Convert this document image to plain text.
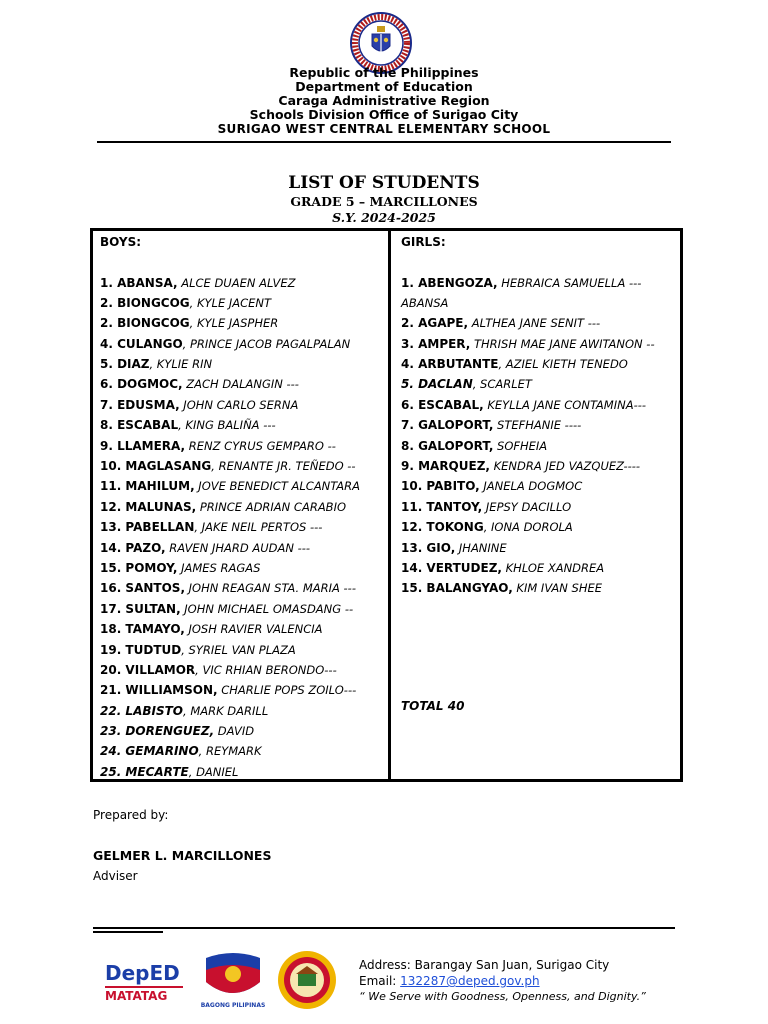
Republic of the Philippines
Department of Education
Caraga Administrative Region
Schools Division Office of Surigao City
SURIGAO WEST CENTRAL ELEMENTARY SCHOOL
LIST OF STUDENTS
GRADE 5 – MARCILLONES
S.Y. 2024-2025
BOYS:
1. ABANSA, ALCE DUAEN ALVEZ
2. BIONGCOG, KYLE JACENT
2. BIONGCOG, KYLE JASPHER
4. CULANGO, PRINCE JACOB PAGALPALAN
5. DIAZ, KYLIE RIN
6. DOGMOC, ZACH DALANGIN ---
7. EDUSMA, JOHN CARLO SERNA
8. ESCABAL, KING BALIÑA ---
9. LLAMERA, RENZ CYRUS GEMPARO --
10. MAGLASANG, RENANTE JR. TEÑEDO --
11. MAHILUM, JOVE BENEDICT ALCANTARA
12. MALUNAS, PRINCE ADRIAN CARABIO
13. PABELLAN, JAKE NEIL PERTOS ---
14. PAZO, RAVEN JHARD AUDAN ---
15. POMOY, JAMES RAGAS
16. SANTOS, JOHN REAGAN STA. MARIA ---
17. SULTAN, JOHN MICHAEL OMASDANG --
18. TAMAYO, JOSH RAVIER VALENCIA
19. TUDTUD, SYRIEL VAN PLAZA
20. VILLAMOR, VIC RHIAN BERONDO---
21. WILLIAMSON, CHARLIE POPS ZOILO---
22. LABISTO, MARK DARILL
23. DORENGUEZ, DAVID
24. GEMARINO, REYMARK
25. MECARTE, DANIEL
GIRLS:
1. ABENGOZA, HEBRAICA SAMUELLA ---
ABANSA
2. AGAPE, ALTHEA JANE SENIT ---
3. AMPER, THRISH MAE JANE AWITANON --
4. ARBUTANTE, AZIEL KIETH TENEDO
5. DACLAN, SCARLET
6. ESCABAL, KEYLLA JANE CONTAMINA---
7. GALOPORT, STEFHANIE ----
8. GALOPORT, SOFHEIA
9. MARQUEZ, KENDRA JED VAZQUEZ----
10. PABITO, JANELA DOGMOC
11. TANTOY, JEPSY DACILLO
12. TOKONG, IONA DOROLA
13. GIO, JHANINE
14. VERTUDEZ, KHLOE XANDREA
15. BALANGYAO, KIM IVAN SHEE
TOTAL 40
Prepared by:
GELMER L. MARCILLONES
Adviser
DepED
MATATAG
BAGONG PILIPINAS
Address: Barangay San Juan, Surigao City
Email: 132287@deped.gov.ph
“ We Serve with Goodness, Openness, and Dignity.”
